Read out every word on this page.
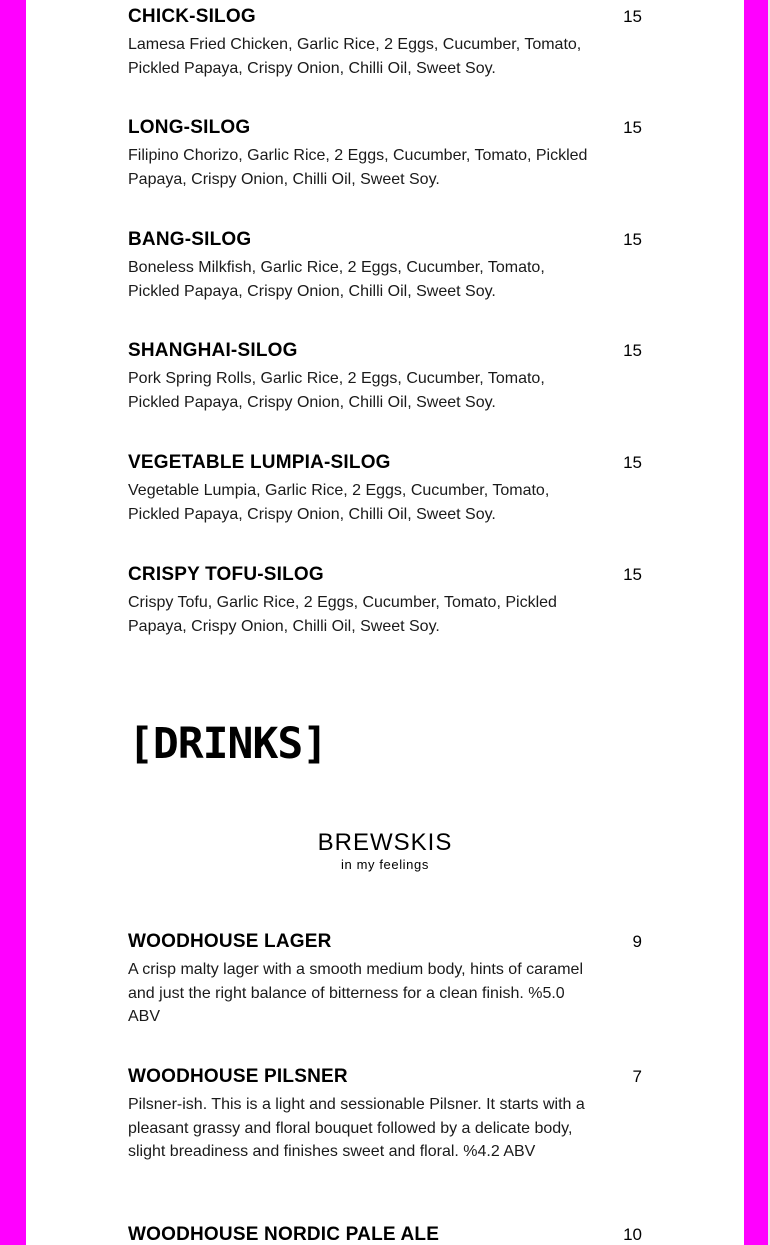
CHICK-SILOG	15
Lamesa Fried Chicken, Garlic Rice, 2 Eggs, Cucumber, Tomato, Pickled Papaya, Crispy Onion, Chilli Oil, Sweet Soy.
LONG-SILOG	15
Filipino Chorizo, Garlic Rice, 2 Eggs, Cucumber, Tomato, Pickled Papaya, Crispy Onion, Chilli Oil, Sweet Soy.
BANG-SILOG	15
Boneless Milkfish, Garlic Rice, 2 Eggs, Cucumber, Tomato, Pickled Papaya, Crispy Onion, Chilli Oil, Sweet Soy.
SHANGHAI-SILOG	15
Pork Spring Rolls, Garlic Rice, 2 Eggs, Cucumber, Tomato, Pickled Papaya, Crispy Onion, Chilli Oil, Sweet Soy.
VEGETABLE LUMPIA-SILOG	15
Vegetable Lumpia, Garlic Rice, 2 Eggs, Cucumber, Tomato, Pickled Papaya, Crispy Onion, Chilli Oil, Sweet Soy.
CRISPY TOFU-SILOG	15
Crispy Tofu, Garlic Rice, 2 Eggs, Cucumber, Tomato, Pickled Papaya, Crispy Onion, Chilli Oil, Sweet Soy.
[DRINKS]
BREWSKIS
in my feelings
WOODHOUSE LAGER	9
A crisp malty lager with a smooth medium body, hints of caramel and just the right balance of bitterness for a clean finish. %5.0 ABV
WOODHOUSE PILSNER	7
Pilsner-ish. This is a light and sessionable Pilsner. It starts with a pleasant grassy and floral bouquet followed by a delicate body, slight breadiness and finishes sweet and floral. %4.2 ABV
WOODHOUSE NORDIC PALE ALE	10
